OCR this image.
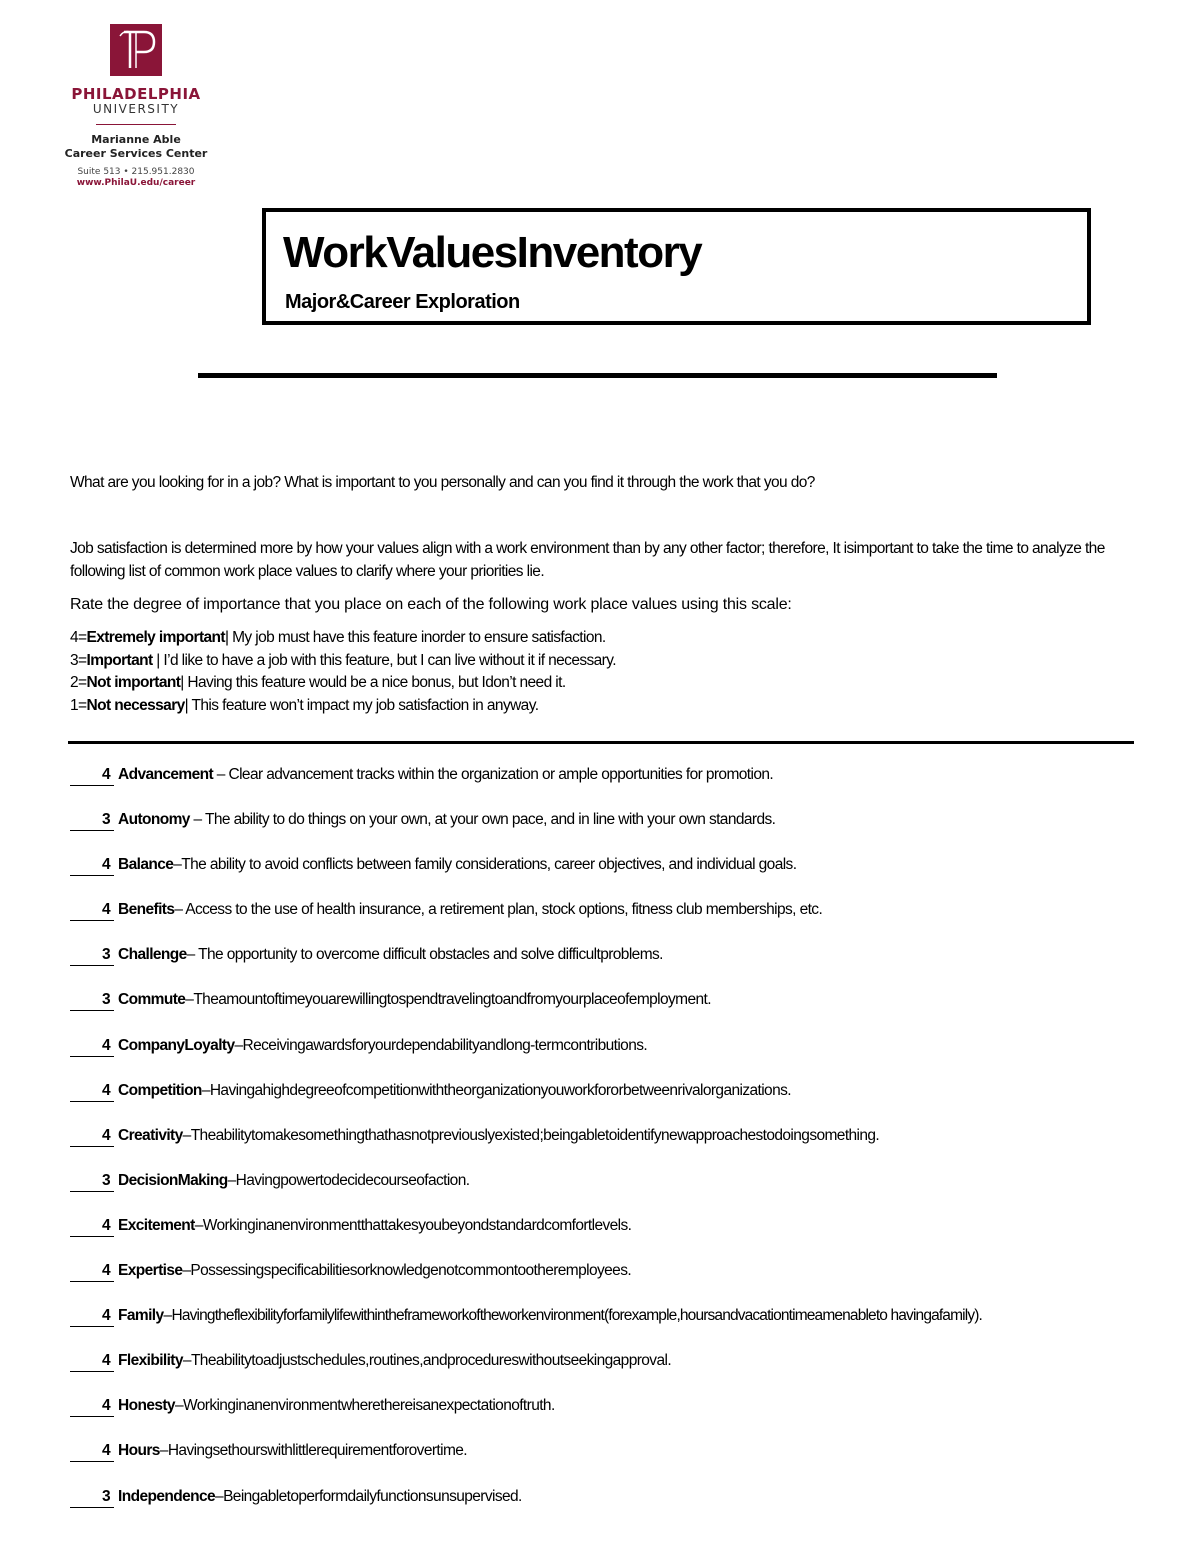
PHILADELPHIA
UNIVERSITY
Marianne Able
Career Services Center
Suite 513 • 215.951.2830
www.PhilaU.edu/career
WorkValuesInventory
Major&Career Exploration
What are you looking for in a job? What is important to you personally and can you find it through the work that you do?
Job satisfaction is determined more by how your values align with a work environment than by any other factor; therefore, It isimportant to take the time to analyze the following list of common work place values to clarify where your priorities lie.
Rate the degree of importance that you place on each of the following work place values using this scale:
4=Extremely important| My job must have this feature inorder to ensure satisfaction.
3=Important | I’d like to have a job with this feature, but I can live without it if necessary.
2=Not important| Having this feature would be a nice bonus, but Idon’t need it.
1=Not necessary| This feature won’t impact my job satisfaction in anyway.
4 Advancement – Clear advancement tracks within the organization or ample opportunities for promotion.
3 Autonomy – The ability to do things on your own, at your own pace, and in line with your own standards.
4 Balance–The ability to avoid conflicts between family considerations, career objectives, and individual goals.
4 Benefits– Access to the use of health insurance, a retirement plan, stock options, fitness club memberships, etc.
3 Challenge– The opportunity to overcome difficult obstacles and solve difficultproblems.
3 Commute–Theamountoftimeyouarewillingtospendtravelingtoandfromyourplaceofemployment.
4 CompanyLoyalty–Receivingawardsforyourdependabilityandlong-termcontributions.
4 Competition–Havingahighdegreeofcompetitionwiththeorganizationyouworkfororbetweenrivalorganizations.
4 Creativity–Theabilitytomakesomethingthathasnotpreviouslyexisted;beingabletoidentifynewapproachestodoingsomething.
3 DecisionMaking–Havingpowertodecidecourseofaction.
4 Excitement–Workinginanenvironmentthattakesyoubeyondstandardcomfortlevels.
4 Expertise–Possessingspecificabilitiesorknowledgenotcommontootheremployees.
4 Family–Havingtheflexibilityforfamilylifewithintheframeworkoftheworkenvironment(forexample,hoursandvacationtimeamenableto havingafamily).
4 Flexibility–Theabilitytoadjustschedules,routines,andprocedureswithoutseekingapproval.
4 Honesty–Workinginanenvironmentwherethereisanexpectationoftruth.
4 Hours–Havingsethourswithlittlerequirementforovertime.
3 Independence–Beingabletoperformdailyfunctionsunsupervised.
